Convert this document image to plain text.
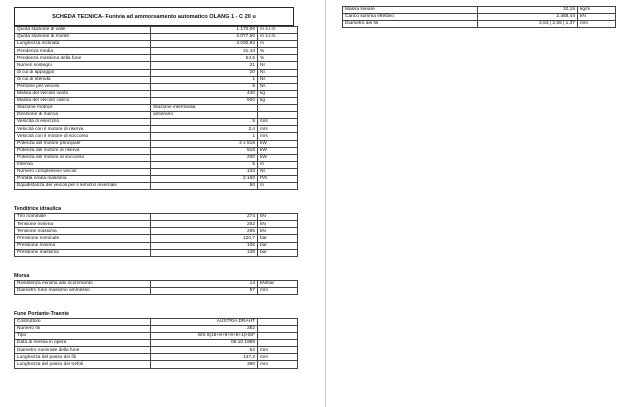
SCHEDA TECNICA- Funivia ad ammorsamento automatico OLANG 1 - C 20 u
Quota stazione di valle	1.170,00	m s.l.m
Quota stazione di monte	2.077,50	m s.l.m
Lunghezza inclinata	3.030,92	m
Pendenza media	31,43	%
Pendenza massima della fune	54,5	%
Numeri sostegni	21	Nr.
di cui di appoggio	20	Nr.
di cui di ritenuta	1	Nr.
Persone per veicolo	6	Nr.
Massa del veicolo vuoto	440	kg
Massa del veicolo carico	920	kg
Stazione motrice	Stazione intermedia	
Direzione di marcia	antiorario	
Velocità di esercizio	5	m/s
Velocità con il motore di riserva	3,4	m/s
Velocità con il motore di soccorso	1	m/s
Potenza del motore principale	2 x 518	kW
Potenza del motore di riserva	518	kW
Potenza del motore di soccorso	200	kW
Intervia	5	m
Numero complessivo veicoli	132	Nr.
Portata oraria massima	2.160	P/h
Equidistanza dei veicoli per il servizio invernale	50	m
Tenditrice idraulica
Tiro nominale	274	kN
Tensione minima	252	kN
Tensione massima	295	kN
Pressione nominale	120,7	bar
Pressione minima	105	bar
Pressione massima	136	bar
Morsa
Resistenza minima allo scorrimento	14	kN/bar
Diametro fune massimo ammesso	57	mm
Fune Portante-Traente
Costruttore	AUSTRIA DRAHT	
Numero fili	282	
Tipo	WS 6(16+8+8+8+6+1)HSF	
Data di messa in opera	06.10.1989	
Diametro nominale della fune	52	mm
Lunghezza del passo dei fili	147,2	mm
Lunghezza del passo dei trefoli	390	mm
Massa lineare	10,15	kg/m
Carico somma effettivo	2.488,44	kN
Diametro dei fili	2,63 | 2,55 | 1,37	mm
